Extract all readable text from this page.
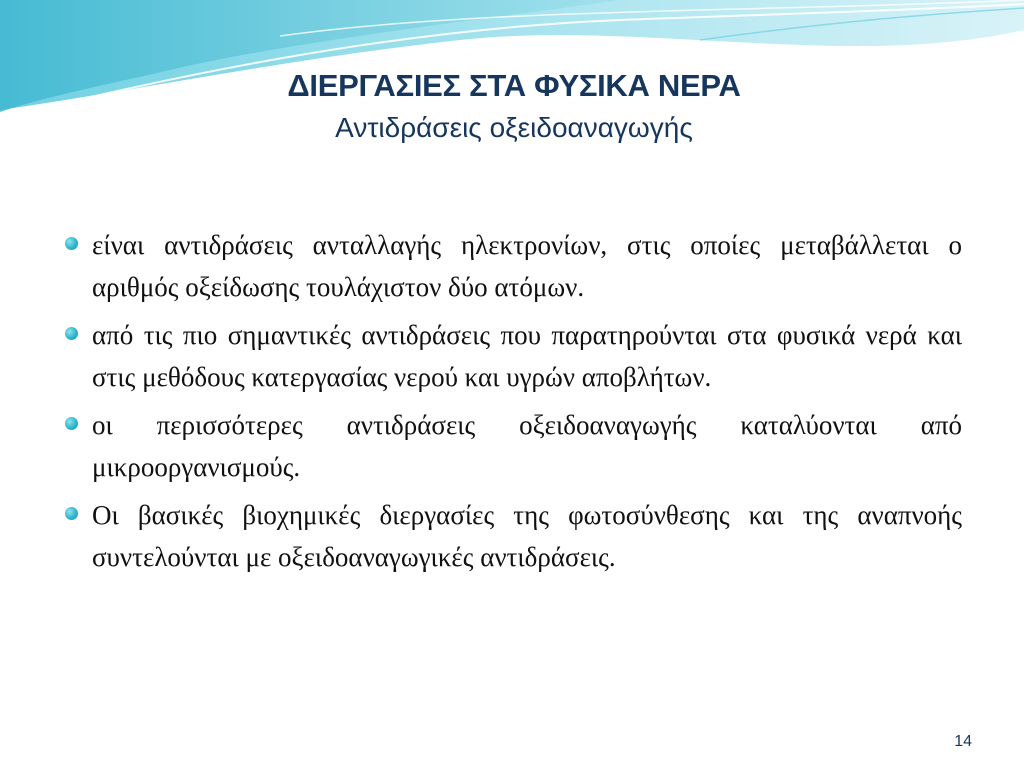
ΔΙΕΡΓΑΣΙΕΣ ΣΤΑ ΦΥΣΙΚΑ ΝΕΡΑ

Αντιδράσεις οξειδοαναγωγής

είναι αντιδράσεις ανταλλαγής ηλεκτρονίων, στις οποίες μεταβάλλεται ο αριθμός οξείδωσης τουλάχιστον δύο ατόμων.
από τις πιο σημαντικές αντιδράσεις που παρατηρούνται στα φυσικά νερά και στις μεθόδους κατεργασίας νερού και υγρών αποβλήτων.
οι περισσότερες αντιδράσεις οξειδοαναγωγής καταλύονται από μικροοργανισμούς.
Οι βασικές βιοχημικές διεργασίες της φωτοσύνθεσης και της αναπνοής συντελούνται με οξειδοαναγωγικές αντιδράσεις.
14
